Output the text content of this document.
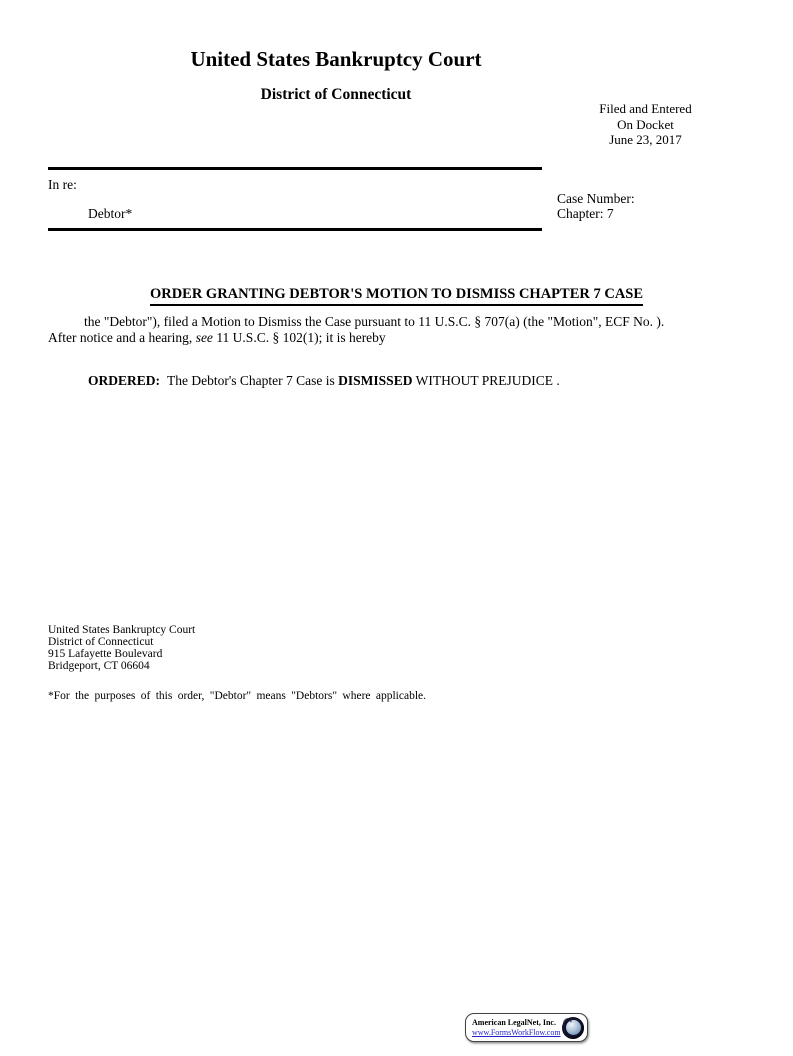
United States Bankruptcy Court
District of Connecticut
Filed and Entered
On Docket
June 23, 2017
In re:
Debtor*
Case Number:
Chapter: 7
ORDER GRANTING DEBTOR'S MOTION TO DISMISS CHAPTER 7 CASE
the "Debtor"), filed a Motion to Dismiss the Case pursuant to 11 U.S.C. § 707(a) (the "Motion", ECF No. ).
After notice and a hearing, see 11 U.S.C. § 102(1); it is hereby
ORDERED: The Debtor's Chapter 7 Case is DISMISSED WITHOUT PREJUDICE .
United States Bankruptcy Court
District of Connecticut
915 Lafayette Boulevard
Bridgeport, CT 06604
*For the purposes of this order, "Debtor" means "Debtors" where applicable.
American LegalNet, Inc.
www.FormsWorkFlow.com
